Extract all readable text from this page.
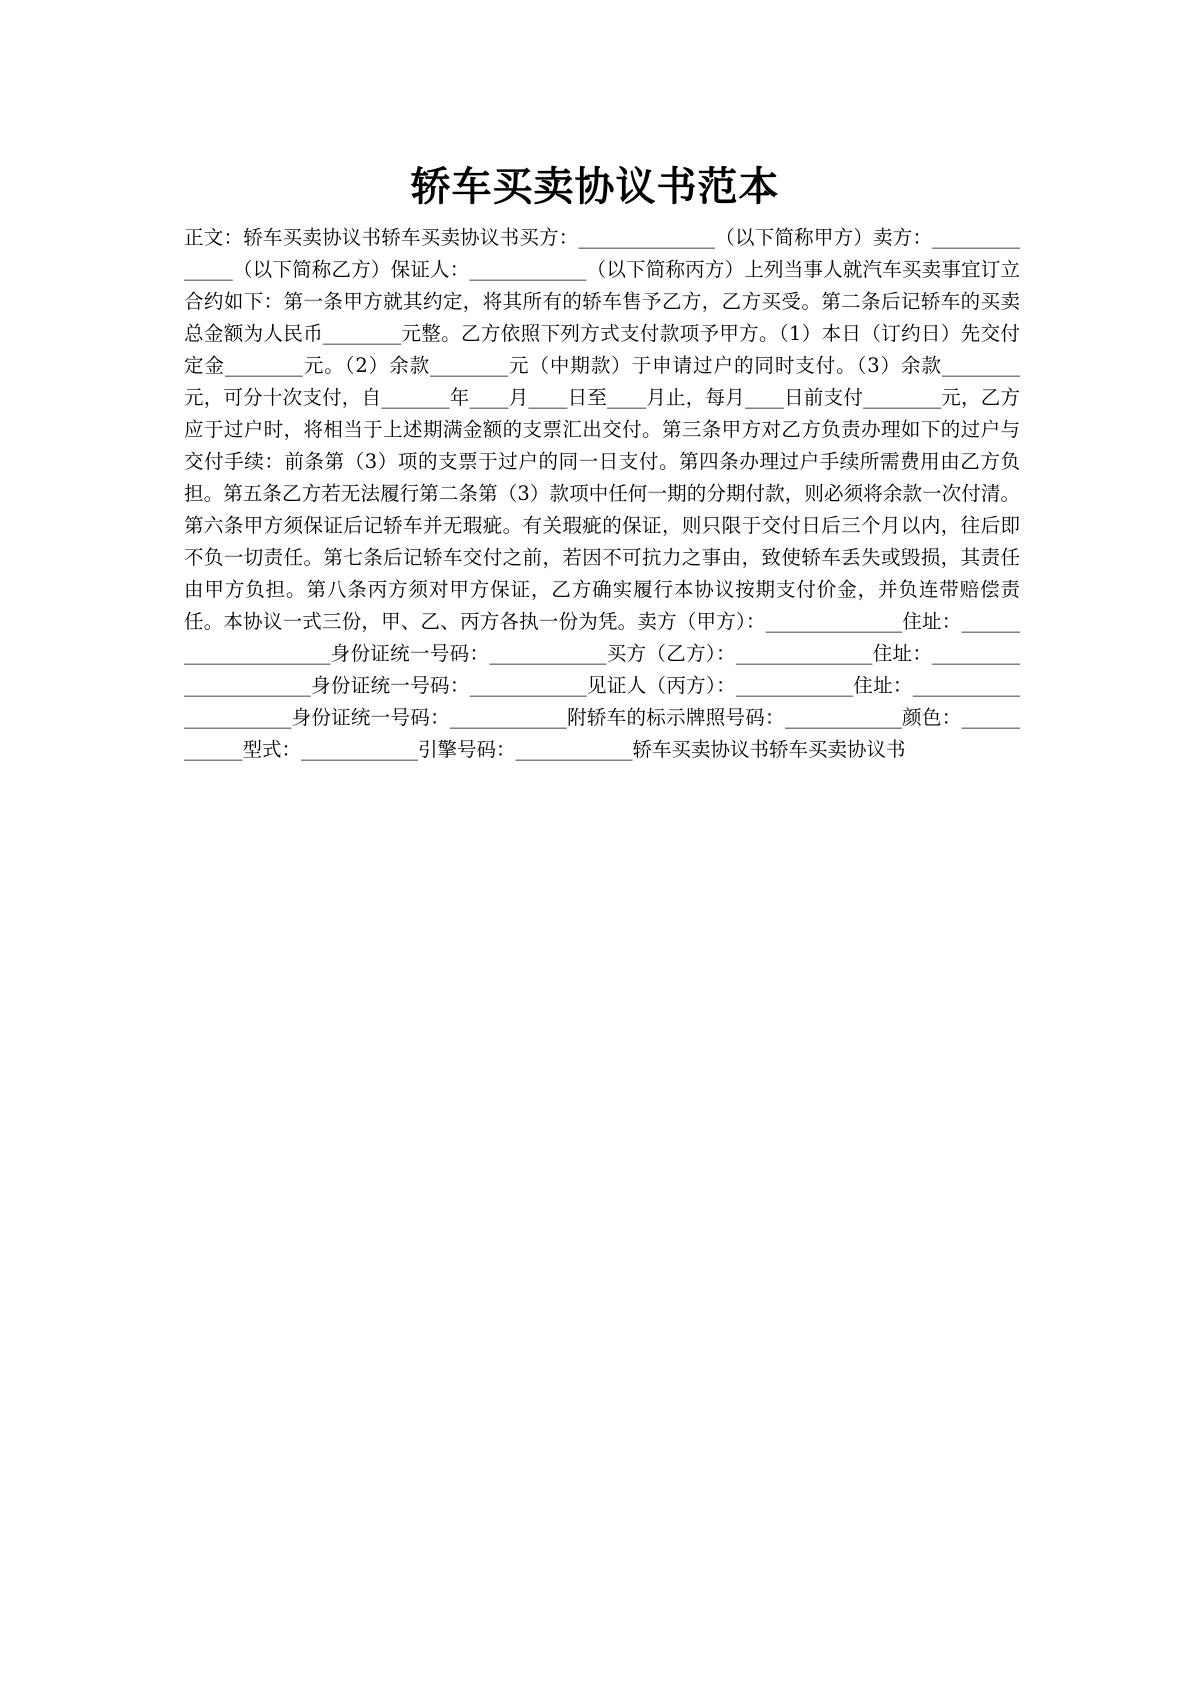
轿车买卖协议书范本

正文：轿车买卖协议书轿车买卖协议书买方：______________（以下简称甲方）卖方：______________（以下简称乙方）保证人：____________（以下简称丙方）上列当事人就汽车买卖事宜订立合约如下：第一条甲方就其约定，将其所有的轿车售予乙方，乙方买受。第二条后记轿车的买卖总金额为人民币________元整。乙方依照下列方式支付款项予甲方。（1）本日（订约日）先交付定金________元。（2）余款________元（中期款）于申请过户的同时支付。（3）余款________元，可分十次支付，自_______年____月____日至____月止，每月____日前支付________元，乙方应于过户时，将相当于上述期满金额的支票汇出交付。第三条甲方对乙方负责办理如下的过户与交付手续：前条第（3）项的支票于过户的同一日支付。第四条办理过户手续所需费用由乙方负担。第五条乙方若无法履行第二条第（3）款项中任何一期的分期付款，则必须将余款一次付清。第六条甲方须保证后记轿车并无瑕疵。有关瑕疵的保证，则只限于交付日后三个月以内，往后即不负一切责任。第七条后记轿车交付之前，若因不可抗力之事由，致使轿车丢失或毁损，其责任由甲方负担。第八条丙方须对甲方保证，乙方确实履行本协议按期支付价金，并负连带赔偿责任。本协议一式三份，甲、乙、丙方各执一份为凭。卖方（甲方）：______________住址：_____________________身份证统一号码：____________买方（乙方）：______________住址：______________________身份证统一号码：____________见证人（丙方）：____________住址：______________________身份证统一号码：____________附轿车的标示牌照号码：____________颜色：____________型式：____________引擎号码：____________轿车买卖协议书轿车买卖协议书
